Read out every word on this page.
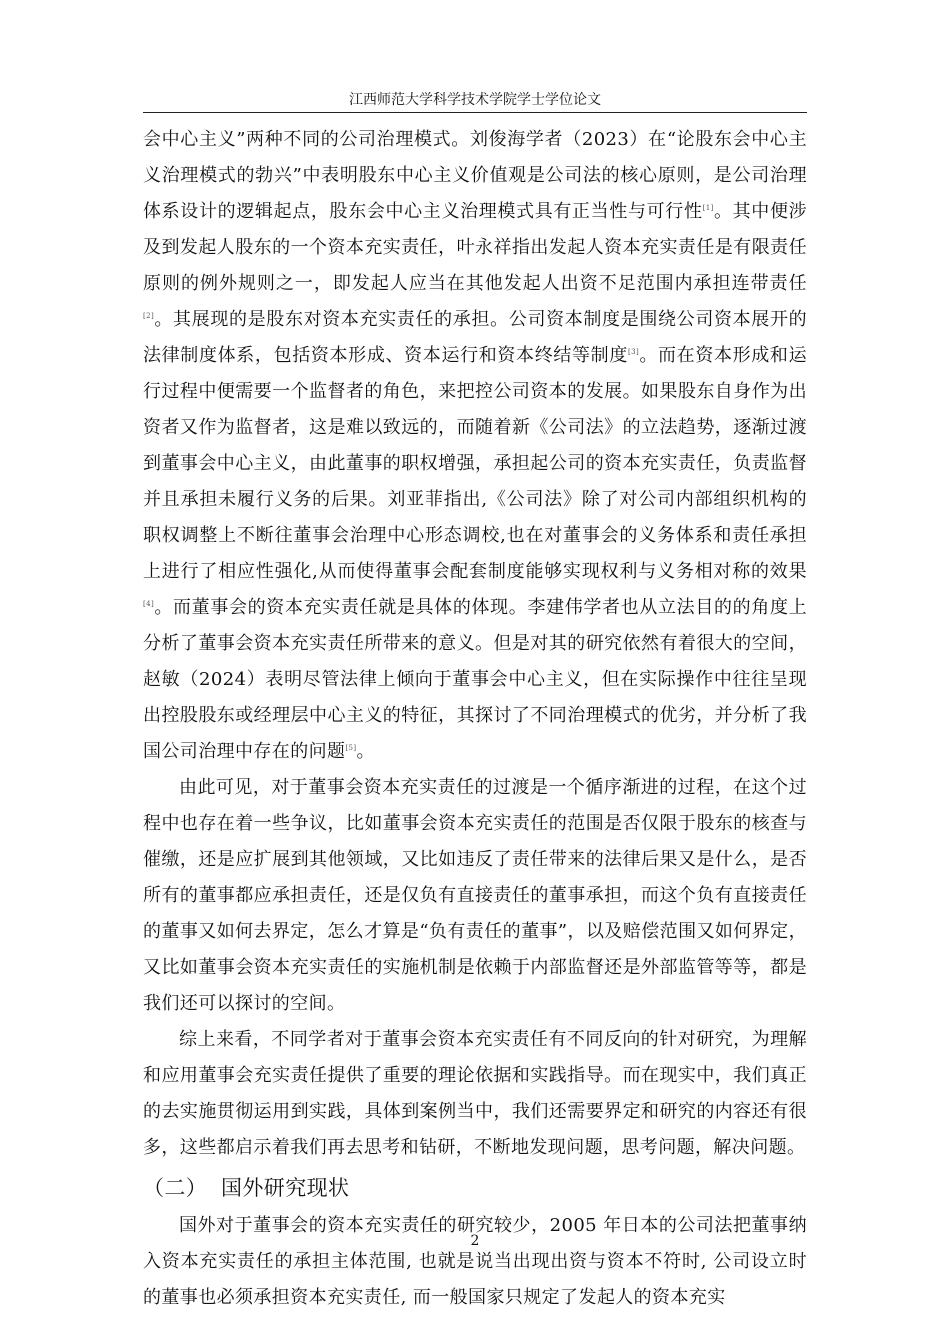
江西师范大学科学技术学院学士学位论文

会中心主义”两种不同的公司治理模式。刘俊海学者（2023）在“论股东会中心主义治理模式的勃兴”中表明股东中心主义价值观是公司法的核心原则，是公司治理体系设计的逻辑起点，股东会中心主义治理模式具有正当性与可行性[1]。其中便涉及到发起人股东的一个资本充实责任，叶永祥指出发起人资本充实责任是有限责任原则的例外规则之一，即发起人应当在其他发起人出资不足范围内承担连带责任[2]。其展现的是股东对资本充实责任的承担。公司资本制度是围绕公司资本展开的法律制度体系，包括资本形成、资本运行和资本终结等制度[3]。而在资本形成和运行过程中便需要一个监督者的角色，来把控公司资本的发展。如果股东自身作为出资者又作为监督者，这是难以致远的，而随着新《公司法》的立法趋势，逐渐过渡到董事会中心主义，由此董事的职权增强，承担起公司的资本充实责任，负责监督并且承担未履行义务的后果。刘亚菲指出,《公司法》除了对公司内部组织机构的职权调整上不断往董事会治理中心形态调校,也在对董事会的义务体系和责任承担上进行了相应性强化,从而使得董事会配套制度能够实现权利与义务相对称的效果[4]。而董事会的资本充实责任就是具体的体现。李建伟学者也从立法目的的角度上分析了董事会资本充实责任所带来的意义。但是对其的研究依然有着很大的空间，赵敏（2024）表明尽管法律上倾向于董事会中心主义，但在实际操作中往往呈现出控股股东或经理层中心主义的特征，其探讨了不同治理模式的优劣，并分析了我国公司治理中存在的问题[5]。

由此可见，对于董事会资本充实责任的过渡是一个循序渐进的过程，在这个过程中也存在着一些争议，比如董事会资本充实责任的范围是否仅限于股东的核查与催缴，还是应扩展到其他领域，又比如违反了责任带来的法律后果又是什么，是否所有的董事都应承担责任，还是仅负有直接责任的董事承担，而这个负有直接责任的董事又如何去界定，怎么才算是“负有责任的董事”，以及赔偿范围又如何界定，又比如董事会资本充实责任的实施机制是依赖于内部监督还是外部监管等等，都是我们还可以探讨的空间。

综上来看，不同学者对于董事会资本充实责任有不同反向的针对研究，为理解和应用董事会充实责任提供了重要的理论依据和实践指导。而在现实中，我们真正的去实施贯彻运用到实践，具体到案例当中，我们还需要界定和研究的内容还有很多，这些都启示着我们再去思考和钻研，不断地发现问题，思考问题，解决问题。

（二） 国外研究现状

国外对于董事会的资本充实责任的研究较少，2005 年日本的公司法把董事纳入资本充实责任的承担主体范围, 也就是说当出现出资与资本不符时, 公司设立时的董事也必须承担资本充实责任, 而一般国家只规定了发起人的资本充实

2
